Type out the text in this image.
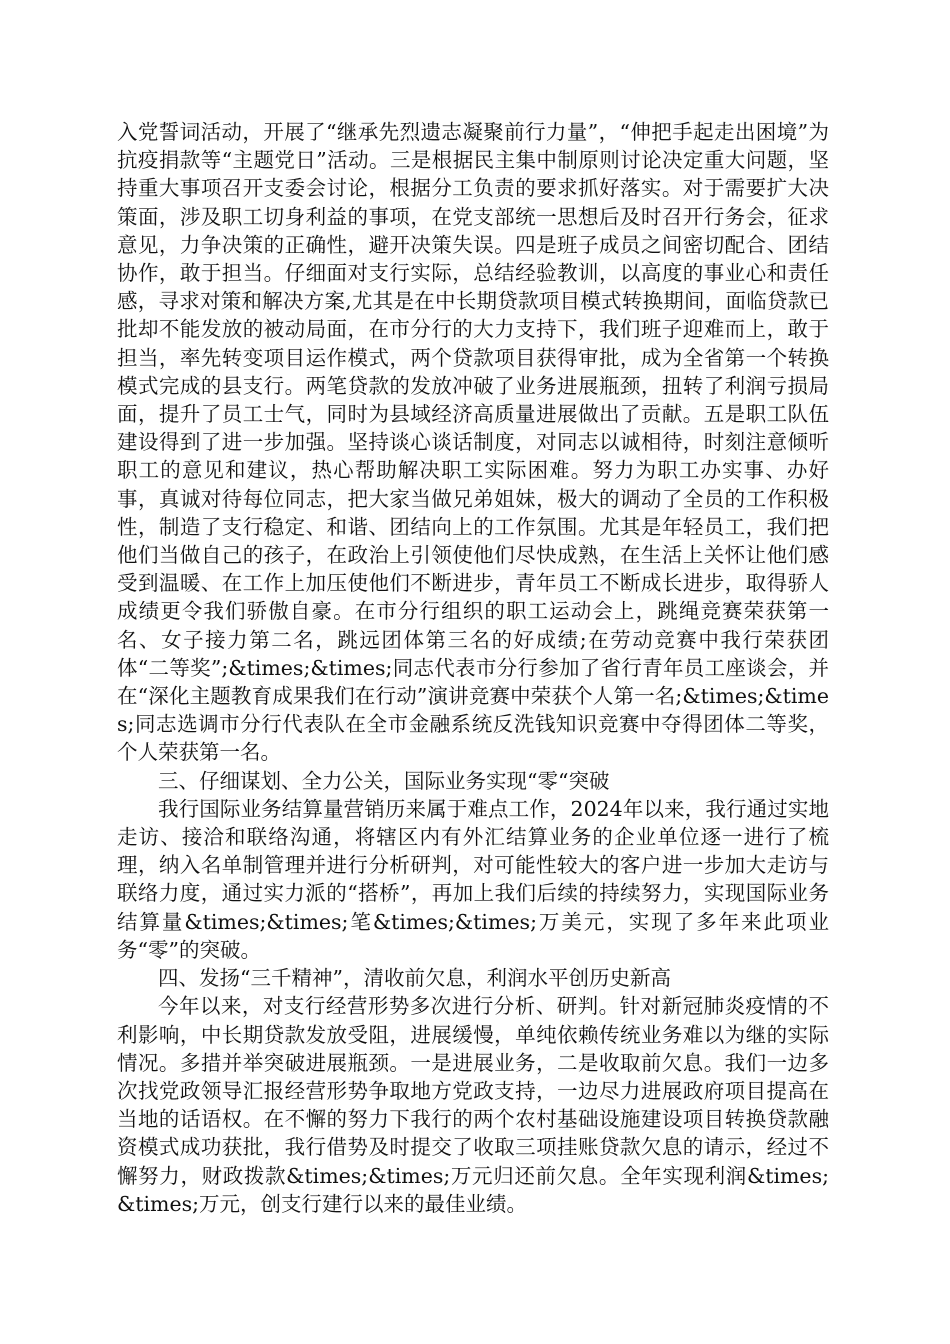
入党誓词活动，开展了“继承先烈遗志凝聚前行力量”，“伸把手起走出困境”为抗疫捐款等“主题党日”活动。三是根据民主集中制原则讨论决定重大问题，坚持重大事项召开支委会讨论，根据分工负责的要求抓好落实。对于需要扩大决策面，涉及职工切身利益的事项，在党支部统一思想后及时召开行务会，征求意见，力争决策的正确性，避开决策失误。四是班子成员之间密切配合、团结协作，敢于担当。仔细面对支行实际，总结经验教训，以高度的事业心和责任感，寻求对策和解决方案,尤其是在中长期贷款项目模式转换期间，面临贷款已批却不能发放的被动局面，在市分行的大力支持下，我们班子迎难而上，敢于担当，率先转变项目运作模式，两个贷款项目获得审批，成为全省第一个转换模式完成的县支行。两笔贷款的发放冲破了业务进展瓶颈，扭转了利润亏损局面，提升了员工士气，同时为县域经济高质量进展做出了贡献。五是职工队伍建设得到了进一步加强。坚持谈心谈话制度，对同志以诚相待，时刻注意倾听职工的意见和建议，热心帮助解决职工实际困难。努力为职工办实事、办好事，真诚对待每位同志，把大家当做兄弟姐妹，极大的调动了全员的工作积极性，制造了支行稳定、和谐、团结向上的工作氛围。尤其是年轻员工，我们把他们当做自己的孩子，在政治上引领使他们尽快成熟，在生活上关怀让他们感受到温暖、在工作上加压使他们不断进步，青年员工不断成长进步，取得骄人成绩更令我们骄傲自豪。在市分行组织的职工运动会上，跳绳竞赛荣获第一名、女子接力第二名，跳远团体第三名的好成绩;在劳动竞赛中我行荣获团体“二等奖”;&times;&times;同志代表市分行参加了省行青年员工座谈会，并在“深化主题教育成果我们在行动”演讲竞赛中荣获个人第一名;&times;&times;同志选调市分行代表队在全市金融系统反洗钱知识竞赛中夺得团体二等奖，个人荣获第一名。

三、仔细谋划、全力公关，国际业务实现“零“突破

我行国际业务结算量营销历来属于难点工作，2024年以来，我行通过实地走访、接洽和联络沟通，将辖区内有外汇结算业务的企业单位逐一进行了梳理，纳入名单制管理并进行分析研判，对可能性较大的客户进一步加大走访与联络力度，通过实力派的“搭桥”，再加上我们后续的持续努力，实现国际业务结算量&times;&times;笔&times;&times;万美元，实现了多年来此项业务“零”的突破。

四、发扬“三千精神”，清收前欠息，利润水平创历史新高

今年以来，对支行经营形势多次进行分析、研判。针对新冠肺炎疫情的不利影响，中长期贷款发放受阻，进展缓慢，单纯依赖传统业务难以为继的实际情况。多措并举突破进展瓶颈。一是进展业务，二是收取前欠息。我们一边多次找党政领导汇报经营形势争取地方党政支持，一边尽力进展政府项目提高在当地的话语权。在不懈的努力下我行的两个农村基础设施建设项目转换贷款融资模式成功获批，我行借势及时提交了收取三项挂账贷款欠息的请示，经过不懈努力，财政拨款&times;&times;万元归还前欠息。全年实现利润&times;&times;万元，创支行建行以来的最佳业绩。
